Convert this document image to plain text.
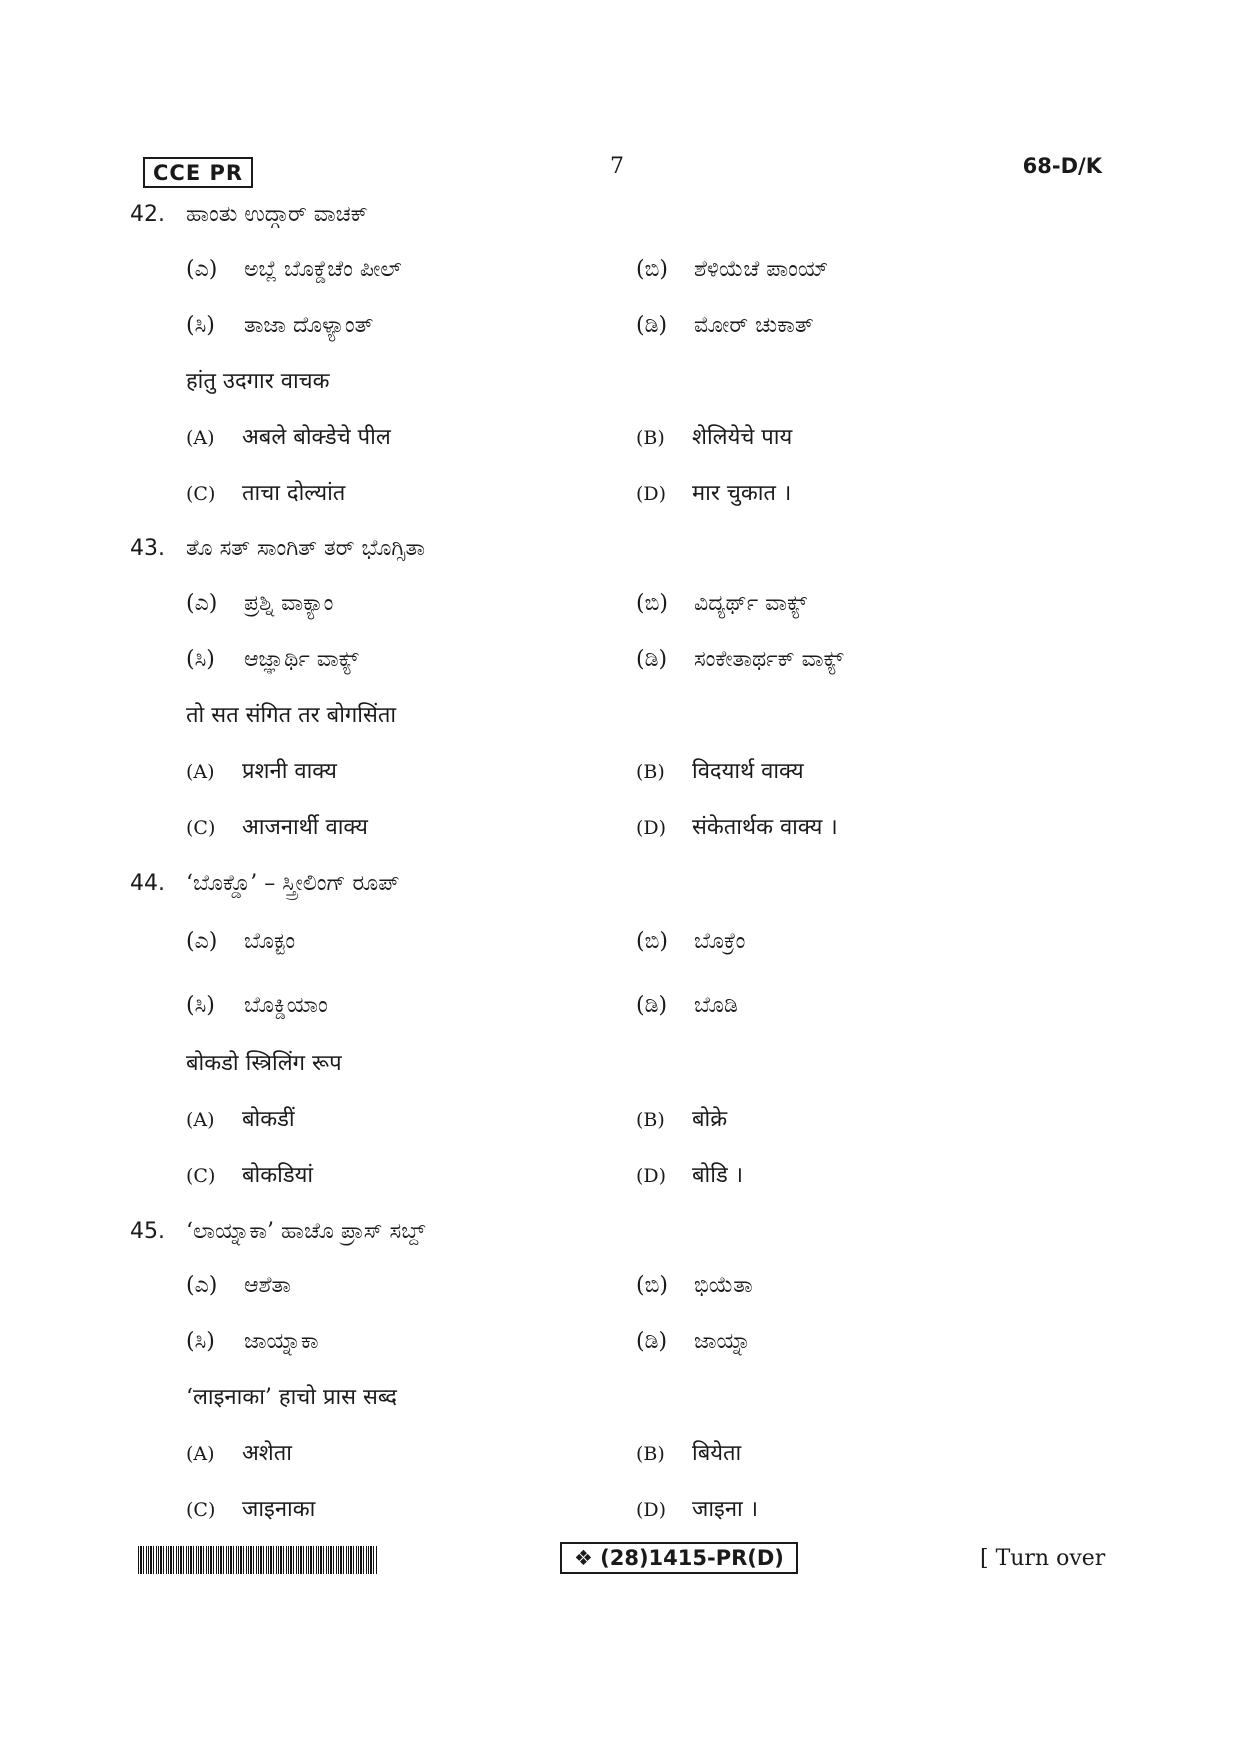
CCE PR	7	68-D/K
42. ಹಾಂತು ಉದ್ಗಾರ್ ವಾಚಕ್
(ಎ) ಅಬ್ಲೆ ಬೊಕ್ಡೆಚೆಂ ಪೀಲ್	(ಬಿ) ಶೆಳಿಯೆಚೆ ಪಾಂಯ್
(ಸಿ) ತಾಜಾ ದೊಳ್ಯಾಂತ್	(ಡಿ) ಮೋರ್ ಚುಕಾತ್
हांतु उदगार वाचक
(A) अबले बोक्डेचे पील	(B) शेलियेचे पाय
(C) ताचा दोल्यांत	(D) मार चुकात ।
43. ತೊ ಸತ್ ಸಾಂಗಿತ್ ತರ್ ಭೊಗ್ಸಿತಾ
(ಎ) ಪ್ರಶ್ನಿ ವಾಕ್ಯಾಂ	(ಬಿ) ವಿದ್ಯರ್ಥ್ ವಾಕ್ಯ್
(ಸಿ) ಆಜ್ಞಾರ್ಥಿ ವಾಕ್ಯ್	(ಡಿ) ಸಂಕೇತಾರ್ಥಕ್ ವಾಕ್ಯ್
तो सत संगित तर बोगसिंता
(A) प्रशनी वाक्य	(B) विदयार्थ वाक्य
(C) आजनार्थी वाक्य	(D) संकेतार्थक वाक्य ।
44. ‘ಬೊಕ್ಡೊ’ – ಸ್ತ್ರೀಲಿಂಗ್ ರೂಪ್
(ಎ) ಬೊಕ್ಟಂ	(ಬಿ) ಬೊಕ್ರೆಂ
(ಸಿ) ಬೊಕ್ಡಿಯಾಂ	(ಡಿ) ಬೊಡಿ
बोकडो स्त्रिलिंग रूप
(A) बोकडीं	(B) बोक्रे
(C) बोकडियां	(D) बोडि ।
45. ‘ಲಾಯ್ನಾಕಾ’ ಹಾಚೊ ಪ್ರಾಸ್ ಸಬ್ದ್
(ಎ) ಆಶೆತಾ	(ಬಿ) ಭಿಯೆತಾ
(ಸಿ) ಜಾಯ್ನಾಕಾ	(ಡಿ) ಜಾಯ್ನಾ
‘लाइनाका’ हाचो प्रास सब्द
(A) अशेता	(B) बियेता
(C) जाइनाका	(D) जाइना ।
❖ (28)1415-PR(D)	[ Turn over
